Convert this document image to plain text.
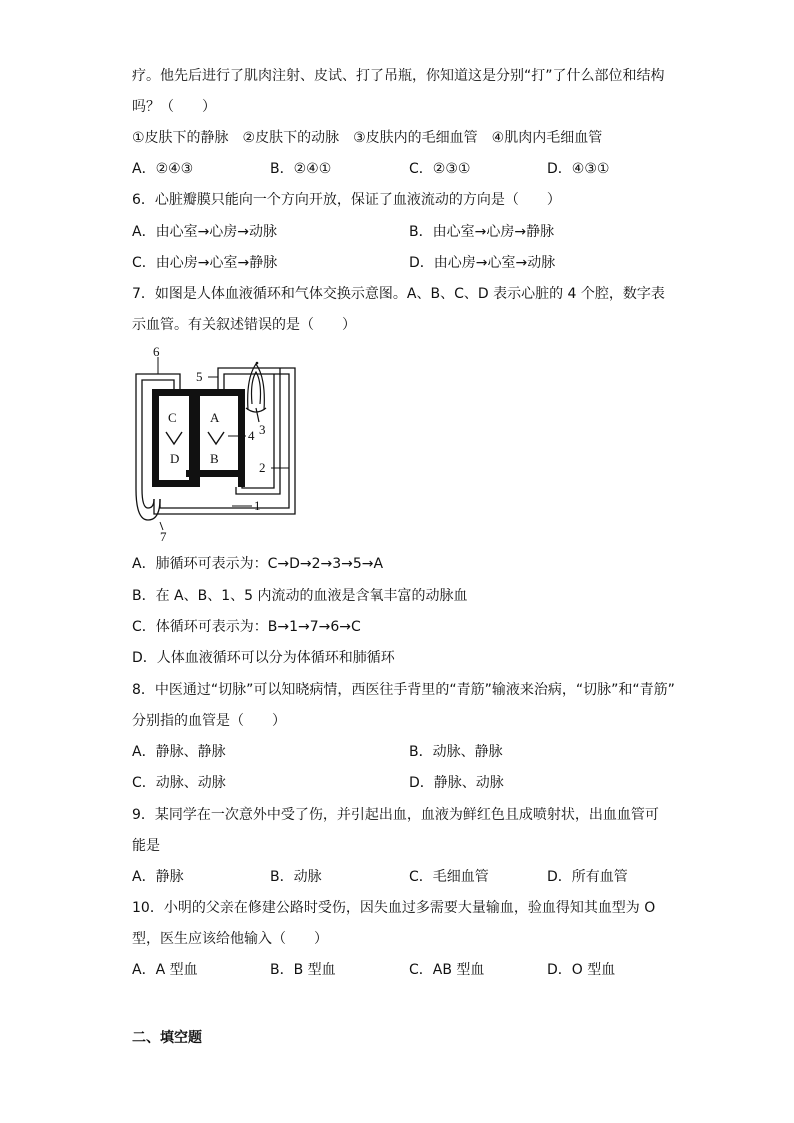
疗。他先后进行了肌肉注射、皮试、打了吊瓶，你知道这是分别“打”了什么部位和结构
吗？（　　）
①皮肤下的静脉　②皮肤下的动脉　③皮肤内的毛细血管　④肌肉内毛细血管
A．②④③	B．②④①	C．②③①	D．④③①
6．心脏瓣膜只能向一个方向开放，保证了血液流动的方向是（　　）
A．由心室→心房→动脉	B．由心室→心房→静脉
C．由心房→心室→静脉	D．由心房→心室→动脉
7．如图是人体血液循环和气体交换示意图。A、B、C、D 表示心脏的 4 个腔，数字表
示血管。有关叙述错误的是（　　）
C	A
D B
6
5
3
4
2
1
7
A．肺循环可表示为：C→D→2→3→5→A
B．在 A、B、1、5 内流动的血液是含氧丰富的动脉血
C．体循环可表示为：B→1→7→6→C
D．人体血液循环可以分为体循环和肺循环
8．中医通过“切脉”可以知晓病情，西医往手背里的“青筋”输液来治病，“切脉”和“青筋”
分别指的血管是（　　）
A．静脉、静脉	B．动脉、静脉
C．动脉、动脉	D．静脉、动脉
9．某同学在一次意外中受了伤，并引起出血，血液为鲜红色且成喷射状，出血血管可
能是
A．静脉	B．动脉	C．毛细血管	D．所有血管
10．小明的父亲在修建公路时受伤，因失血过多需要大量输血，验血得知其血型为 O
型，医生应该给他输入（　　）
A．A 型血	B．B 型血	C．AB 型血	D．O 型血
二、填空题
